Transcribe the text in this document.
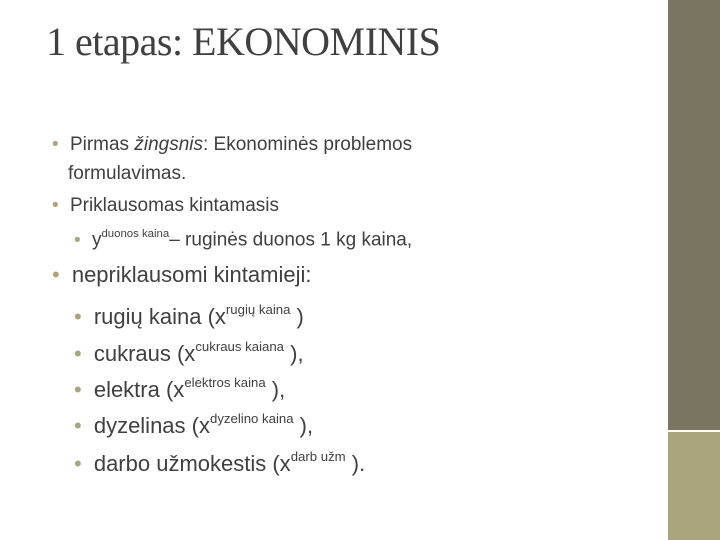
1 etapas: EKONOMINIS
• Pirmas žingsnis: Ekonominės problemos
formulavimas.
• Priklausomas kintamasis
• $y^{duonos kaina}-$ ruginės duonos 1 kg kaina,
• nepriklausomi kintamieji:
• rugių kaina ($x^{rugių kaina}$ )
• cukraus ($x^{cukraus kaiana}$ ),
• elektra ($x^{elektros kaina}$ ),
• dyzelinas ($x^{dyzelino kaina}$ ),
• darbo užmokestis ($x^{darb užm}$ ).
